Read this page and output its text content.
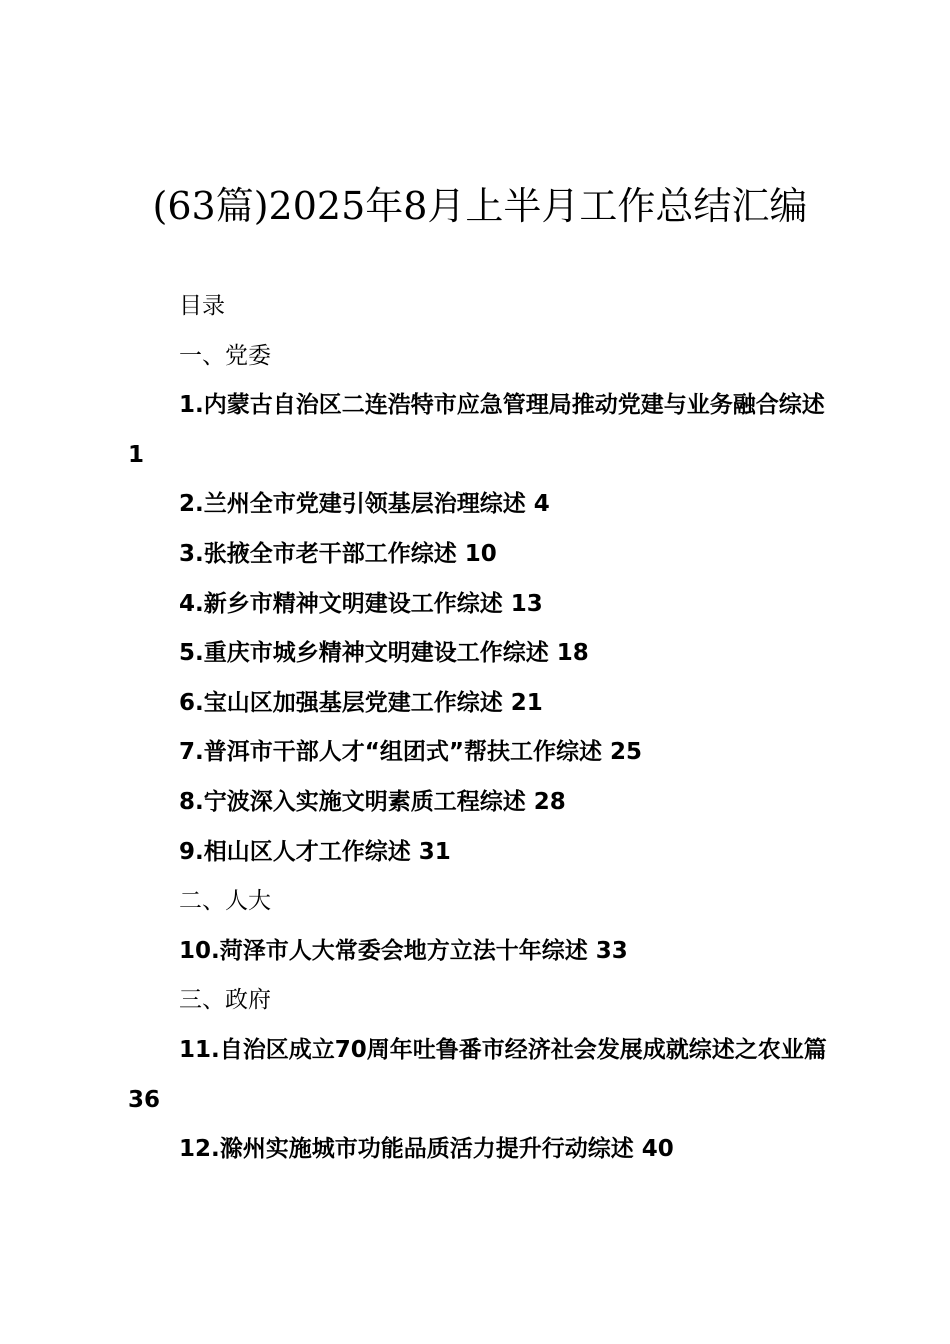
(63篇)2025年8月上半月工作总结汇编

目录

一、党委

1.内蒙古自治区二连浩特市应急管理局推动党建与业务融合综述 1

2.兰州全市党建引领基层治理综述 4

3.张掖全市老干部工作综述 10

4.新乡市精神文明建设工作综述 13

5.重庆市城乡精神文明建设工作综述 18

6.宝山区加强基层党建工作综述 21

7.普洱市干部人才“组团式”帮扶工作综述 25

8.宁波深入实施文明素质工程综述 28

9.相山区人才工作综述 31

二、人大

10.菏泽市人大常委会地方立法十年综述 33

三、政府

11.自治区成立70周年吐鲁番市经济社会发展成就综述之农业篇 36

12.滁州实施城市功能品质活力提升行动综述 40
